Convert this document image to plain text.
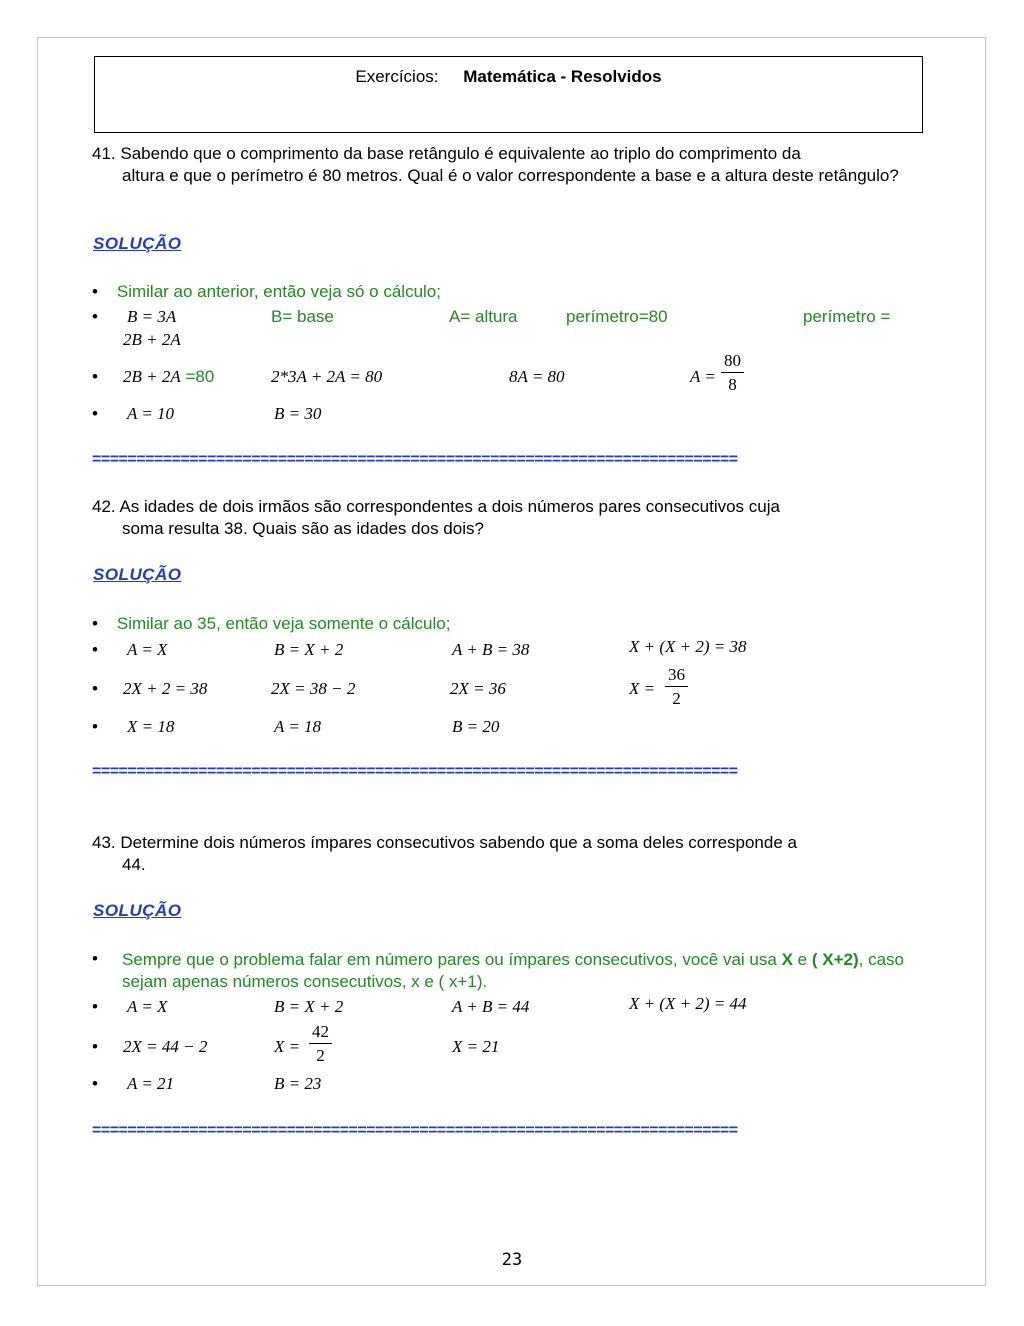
Exercícios: Matemática - Resolvidos
41. Sabendo que o comprimento da base retângulo é equivalente ao triplo do comprimento da
altura e que o perímetro é 80 metros. Qual é o valor correspondente a base e a altura deste retângulo?
SOLUÇÃO
• Similar ao anterior, então veja só o cálculo;
• B = 3A	B= base	A= altura	perímetro=80	perímetro =
2B + 2A
• 2B + 2A =80	2*3A + 2A = 80	8A = 80	$A = \frac{80}{8}$
• A = 10	B = 30
=========================================================================
42. As idades de dois irmãos são correspondentes a dois números pares consecutivos cuja
soma resulta 38. Quais são as idades dos dois?
SOLUÇÃO
• Similar ao 35, então veja somente o cálculo;
• A = X	B = X + 2	A + B = 38	X + (X + 2) = 38
• 2X + 2 = 38	2X = 38 − 2	2X = 36	$X = \frac{36}{2}$
• X = 18	A = 18	B = 20
=========================================================================
43. Determine dois números ímpares consecutivos sabendo que a soma deles corresponde a
44.
SOLUÇÃO
•	Sempre que o problema falar em número pares ou ímpares consecutivos, você vai usa X e ( X+2), caso sejam apenas números consecutivos, x e ( x+1).
• A = X	B = X + 2	A + B = 44	X + (X + 2) = 44
• 2X = 44 − 2	$X = \frac{42}{2}$	X = 21
• A = 21	B = 23
=========================================================================
23
